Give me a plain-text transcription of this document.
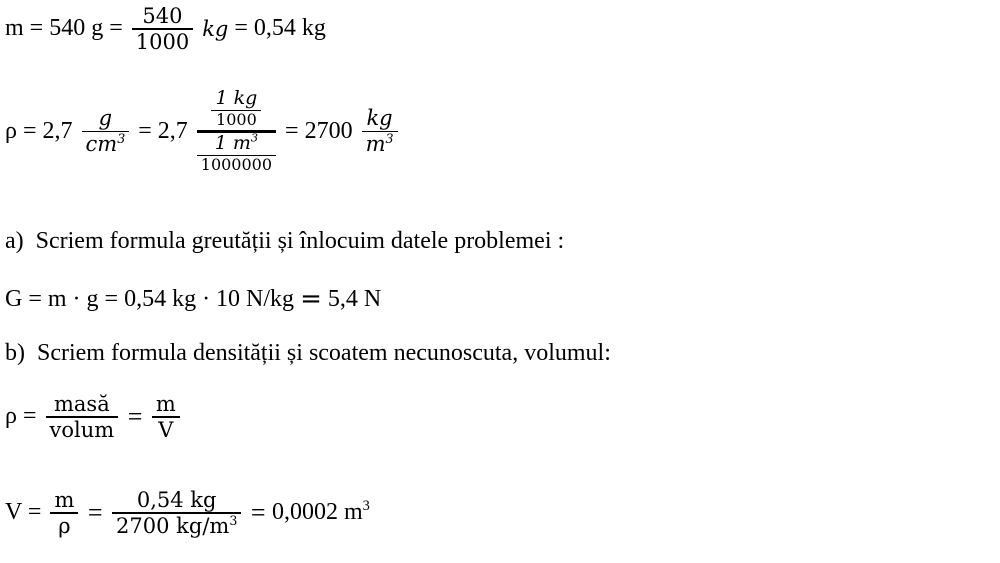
m = 540 $g = \frac{540}{1000}$ kg = 0,54 kg
$\rho = 2,7 \frac{g}{cm^3} = 2,7 \frac{\frac{1 kg}{1000}}{\frac{1 m^3}{1000000}} = 2700 \frac{kg}{m^3}$
a)  Scriem formula greutății și înlocuim datele problemei :
G = m · g = 0,54 kg · 10 N/kg = 5,4 N
b)  Scriem formula densității și scoatem necunoscuta, volumul:
$\rho = \frac{\text{masă}}{\text{volum}} = \frac{m}{V}$
$V = \frac{m}{\rho} = \frac{0,54 kg}{2700 kg/m^3} = 0,0002$ $m^3$
